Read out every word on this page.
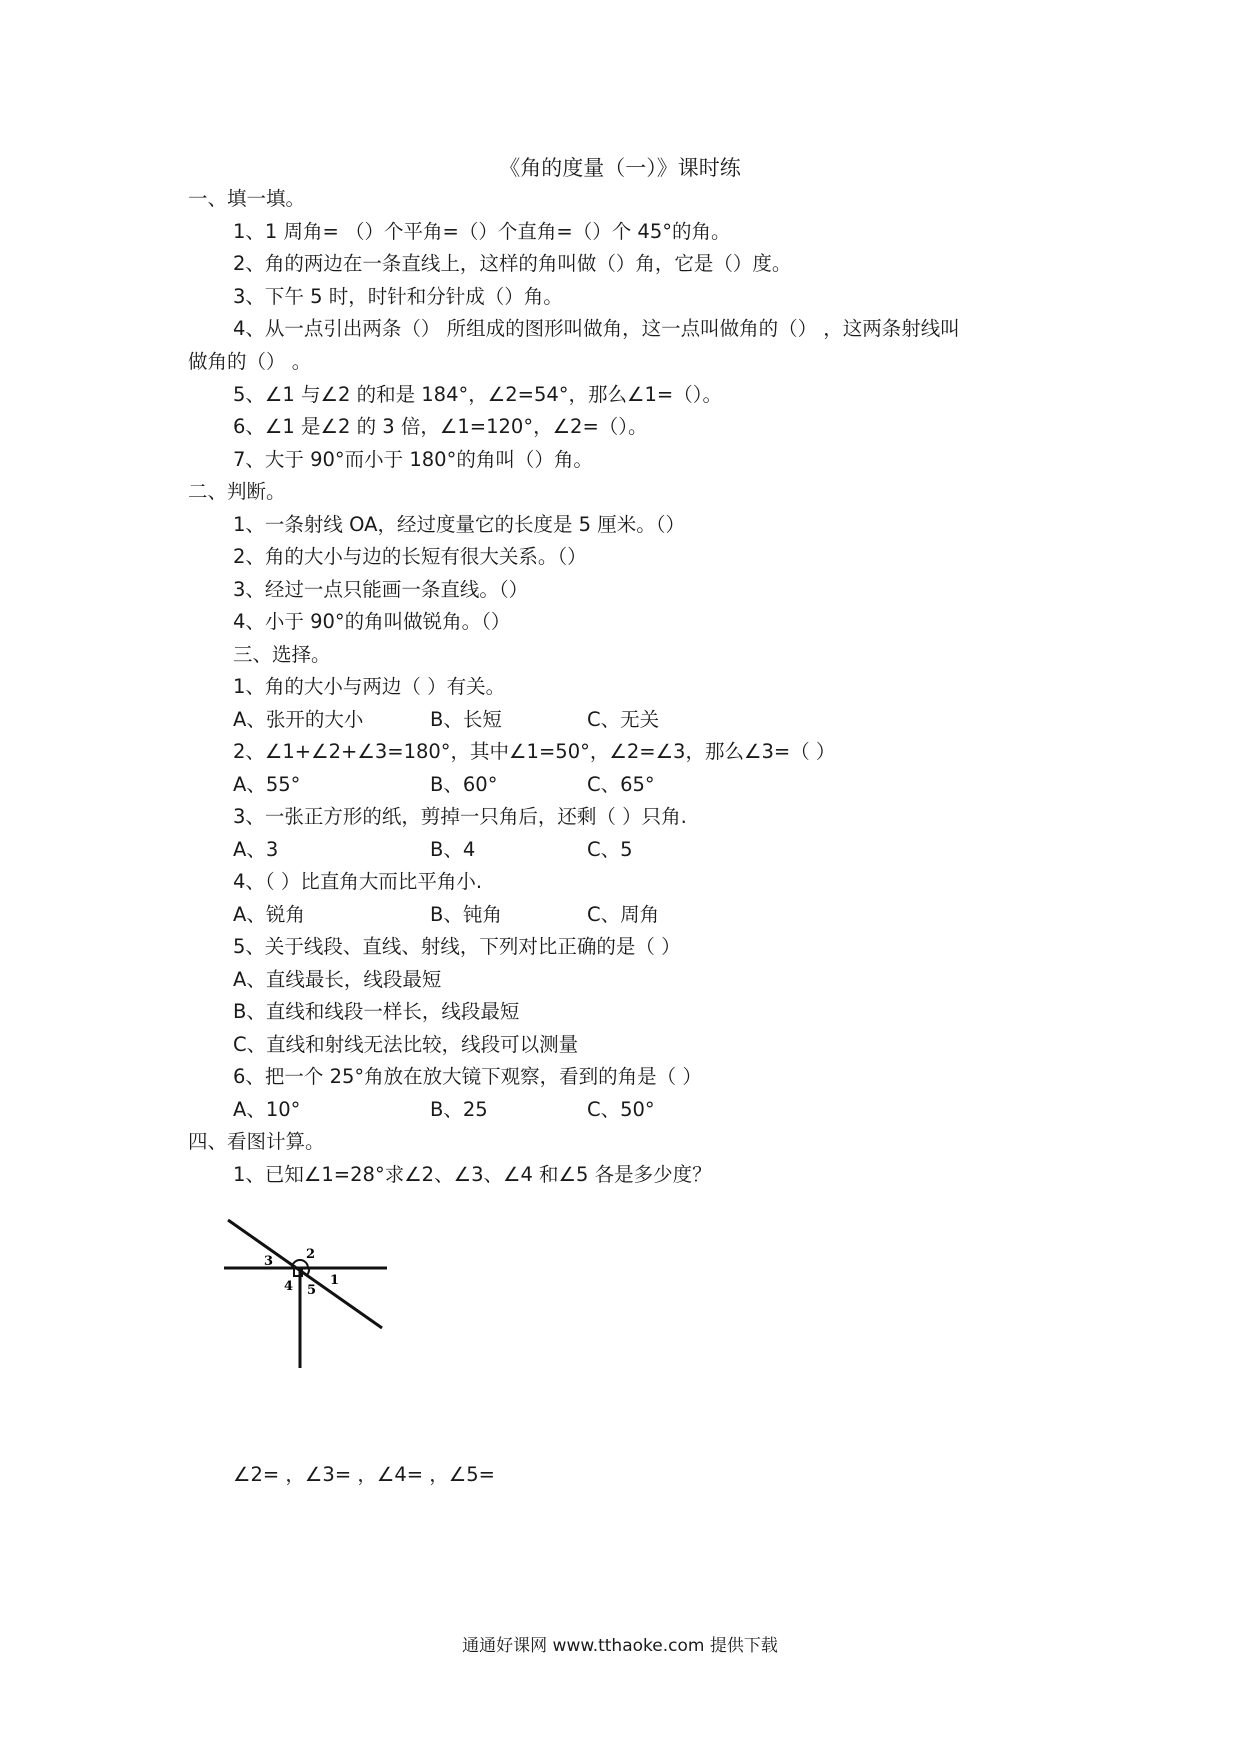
《角的度量（一）》课时练
一、填一填。
1、1 周角= （）个平角=（）个直角=（）个 45°的角。
2、角的两边在一条直线上，这样的角叫做（）角，它是（）度。
3、下午 5 时，时针和分针成（）角。
4、从一点引出两条（） 所组成的图形叫做角，这一点叫做角的（） ，这两条射线叫
做角的（） 。
5、∠1 与∠2 的和是 184°，∠2=54°，那么∠1=（）。
6、∠1 是∠2 的 3 倍，∠1=120°，∠2=（）。
7、大于 90°而小于 180°的角叫（）角。
二、判断。
1、一条射线 OA，经过度量它的长度是 5 厘米。（）
2、角的大小与边的长短有很大关系。（）
3、经过一点只能画一条直线。（）
4、小于 90°的角叫做锐角。（）
三、选择。
1、角的大小与两边（ ）有关。
A、张开的大小	B、长短	C、无关
2、∠1+∠2+∠3=180°，其中∠1=50°，∠2=∠3，那么∠3=（ ）
A、55°	B、60°	C、65°
3、一张正方形的纸，剪掉一只角后，还剩（ ）只角.
A、3	B、4	C、5
4、（ ）比直角大而比平角小.
A、锐角	B、钝角	C、周角
5、关于线段、直线、射线，下列对比正确的是（ ）
A、直线最长，线段最短
B、直线和线段一样长，线段最短
C、直线和射线无法比较，线段可以测量
6、把一个 25°角放在放大镜下观察，看到的角是（ ）
A、10°	B、25	C、50°
四、看图计算。
1、已知∠1=28°求∠2、∠3、∠4 和∠5 各是多少度？
3	2
1
4 5
∠2= ，∠3= ，∠4= ，∠5=
通通好课网 www.tthaoke.com 提供下载
